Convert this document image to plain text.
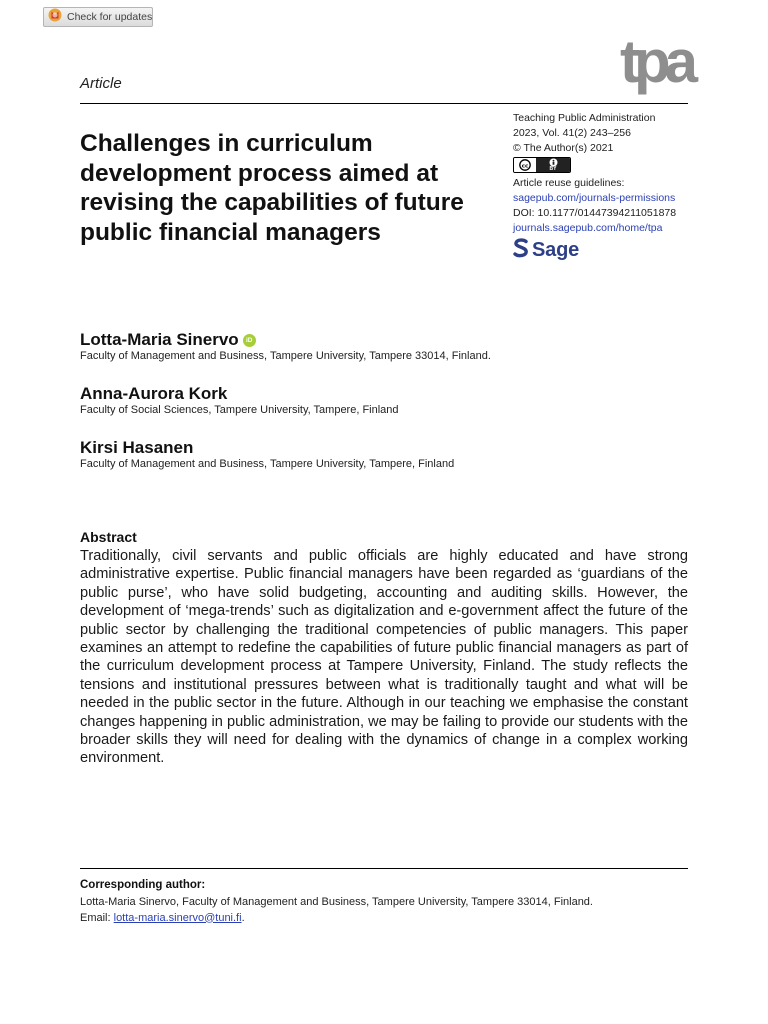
Check for updates
tpa
Article
Teaching Public Administration
2023, Vol. 41(2) 243–256
© The Author(s) 2021
cc	BY
Article reuse guidelines:
sagepub.com/journals-permissions
DOI: 10.1177/01447394211051878
journals.sagepub.com/home/tpa
Sage
Challenges in curriculum development process aimed at revising the capabilities of future public financial managers
Lotta-Maria Sinervo	iD
Faculty of Management and Business, Tampere University, Tampere 33014, Finland.
Anna-Aurora Kork
Faculty of Social Sciences, Tampere University, Tampere, Finland
Kirsi Hasanen
Faculty of Management and Business, Tampere University, Tampere, Finland
Abstract
Traditionally, civil servants and public officials are highly educated and have strong administrative expertise. Public financial managers have been regarded as ‘guardians of the public purse’, who have solid budgeting, accounting and auditing skills. However, the development of ‘mega-trends’ such as digitalization and e-government affect the future of the public sector by challenging the traditional competencies of public managers. This paper examines an attempt to redefine the capabilities of future public financial managers as part of the curriculum development process at Tampere University, Finland. The study reflects the tensions and institutional pressures between what is traditionally taught and what will be needed in the public sector in the future. Although in our teaching we emphasise the constant changes happening in public administration, we may be failing to provide our students with the broader skills they will need for dealing with the dynamics of change in a complex working environment.
Corresponding author:
Lotta-Maria Sinervo, Faculty of Management and Business, Tampere University, Tampere 33014, Finland.
Email: lotta-maria.sinervo@tuni.fi.
